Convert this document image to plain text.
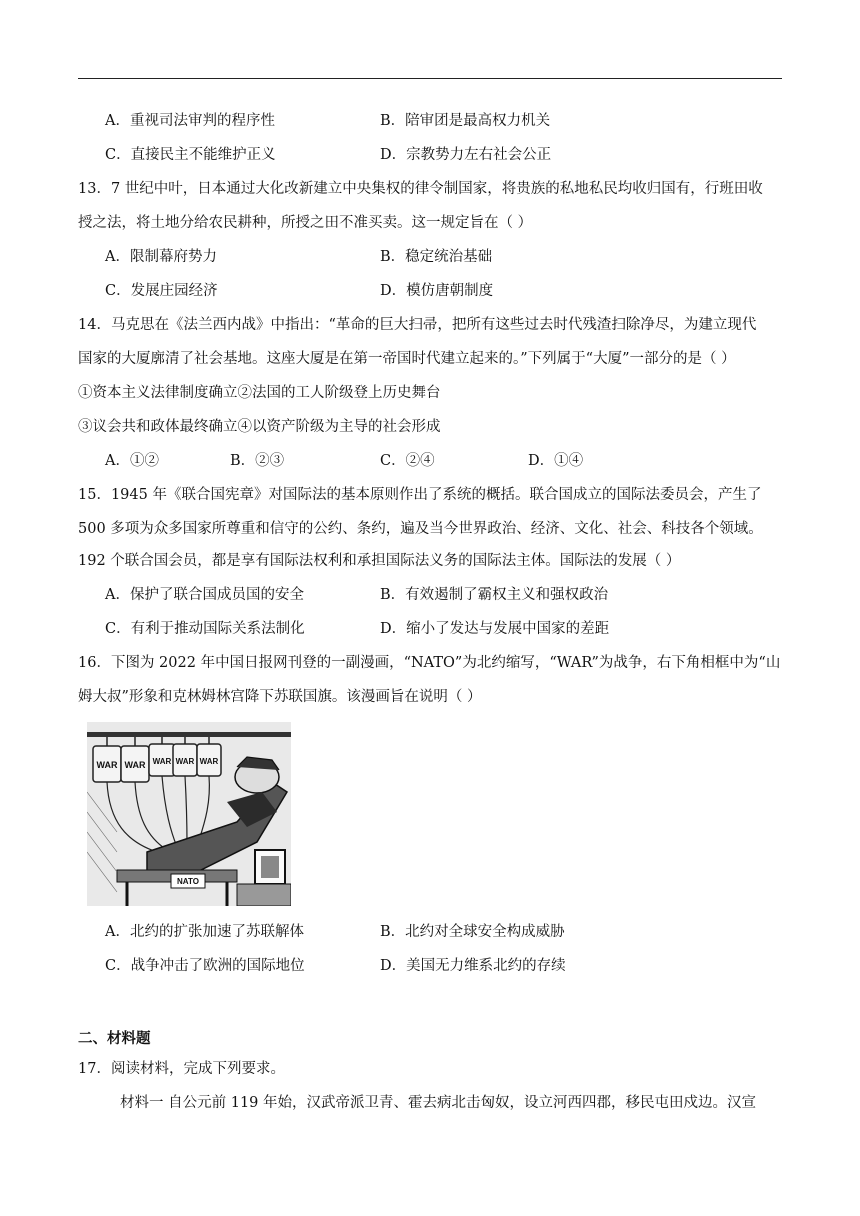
A．重视司法审判的程序性	B．陪审团是最高权力机关
C．直接民主不能维护正义	D．宗教势力左右社会公正
13．7 世纪中叶，日本通过大化改新建立中央集权的律令制国家，将贵族的私地私民均收归国有，行班田收
授之法，将土地分给农民耕种，所授之田不准买卖。这一规定旨在（ ）
A．限制幕府势力	B．稳定统治基础
C．发展庄园经济	D．模仿唐朝制度
14．马克思在《法兰西内战》中指出：“革命的巨大扫帚，把所有这些过去时代残渣扫除净尽，为建立现代
国家的大厦廓清了社会基地。这座大厦是在第一帝国时代建立起来的。”下列属于“大厦”一部分的是（ ）
①资本主义法律制度确立②法国的工人阶级登上历史舞台
③议会共和政体最终确立④以资产阶级为主导的社会形成
A．①②	B．②③	C．②④	D．①④
15．1945 年《联合国宪章》对国际法的基本原则作出了系统的概括。联合国成立的国际法委员会，产生了
500 多项为众多国家所尊重和信守的公约、条约，遍及当今世界政治、经济、文化、社会、科技各个领域。
192 个联合国会员，都是享有国际法权利和承担国际法义务的国际法主体。国际法的发展（ ）
A．保护了联合国成员国的安全	B．有效遏制了霸权主义和强权政治
C．有利于推动国际关系法制化	D．缩小了发达与发展中国家的差距
16．下图为 2022 年中国日报网刊登的一副漫画，“NATO”为北约缩写，“WAR”为战争，右下角相框中为“山
姆大叔”形象和克林姆林宫降下苏联国旗。该漫画旨在说明（ ）
WAR WAR WAR WAR WAR
NATO
A．北约的扩张加速了苏联解体	B．北约对全球安全构成威胁
C．战争冲击了欧洲的国际地位	D．美国无力维系北约的存续
二、材料题
17．阅读材料，完成下列要求。
材料一 自公元前 119 年始，汉武帝派卫青、霍去病北击匈奴，设立河西四郡，移民屯田戍边。汉宣
